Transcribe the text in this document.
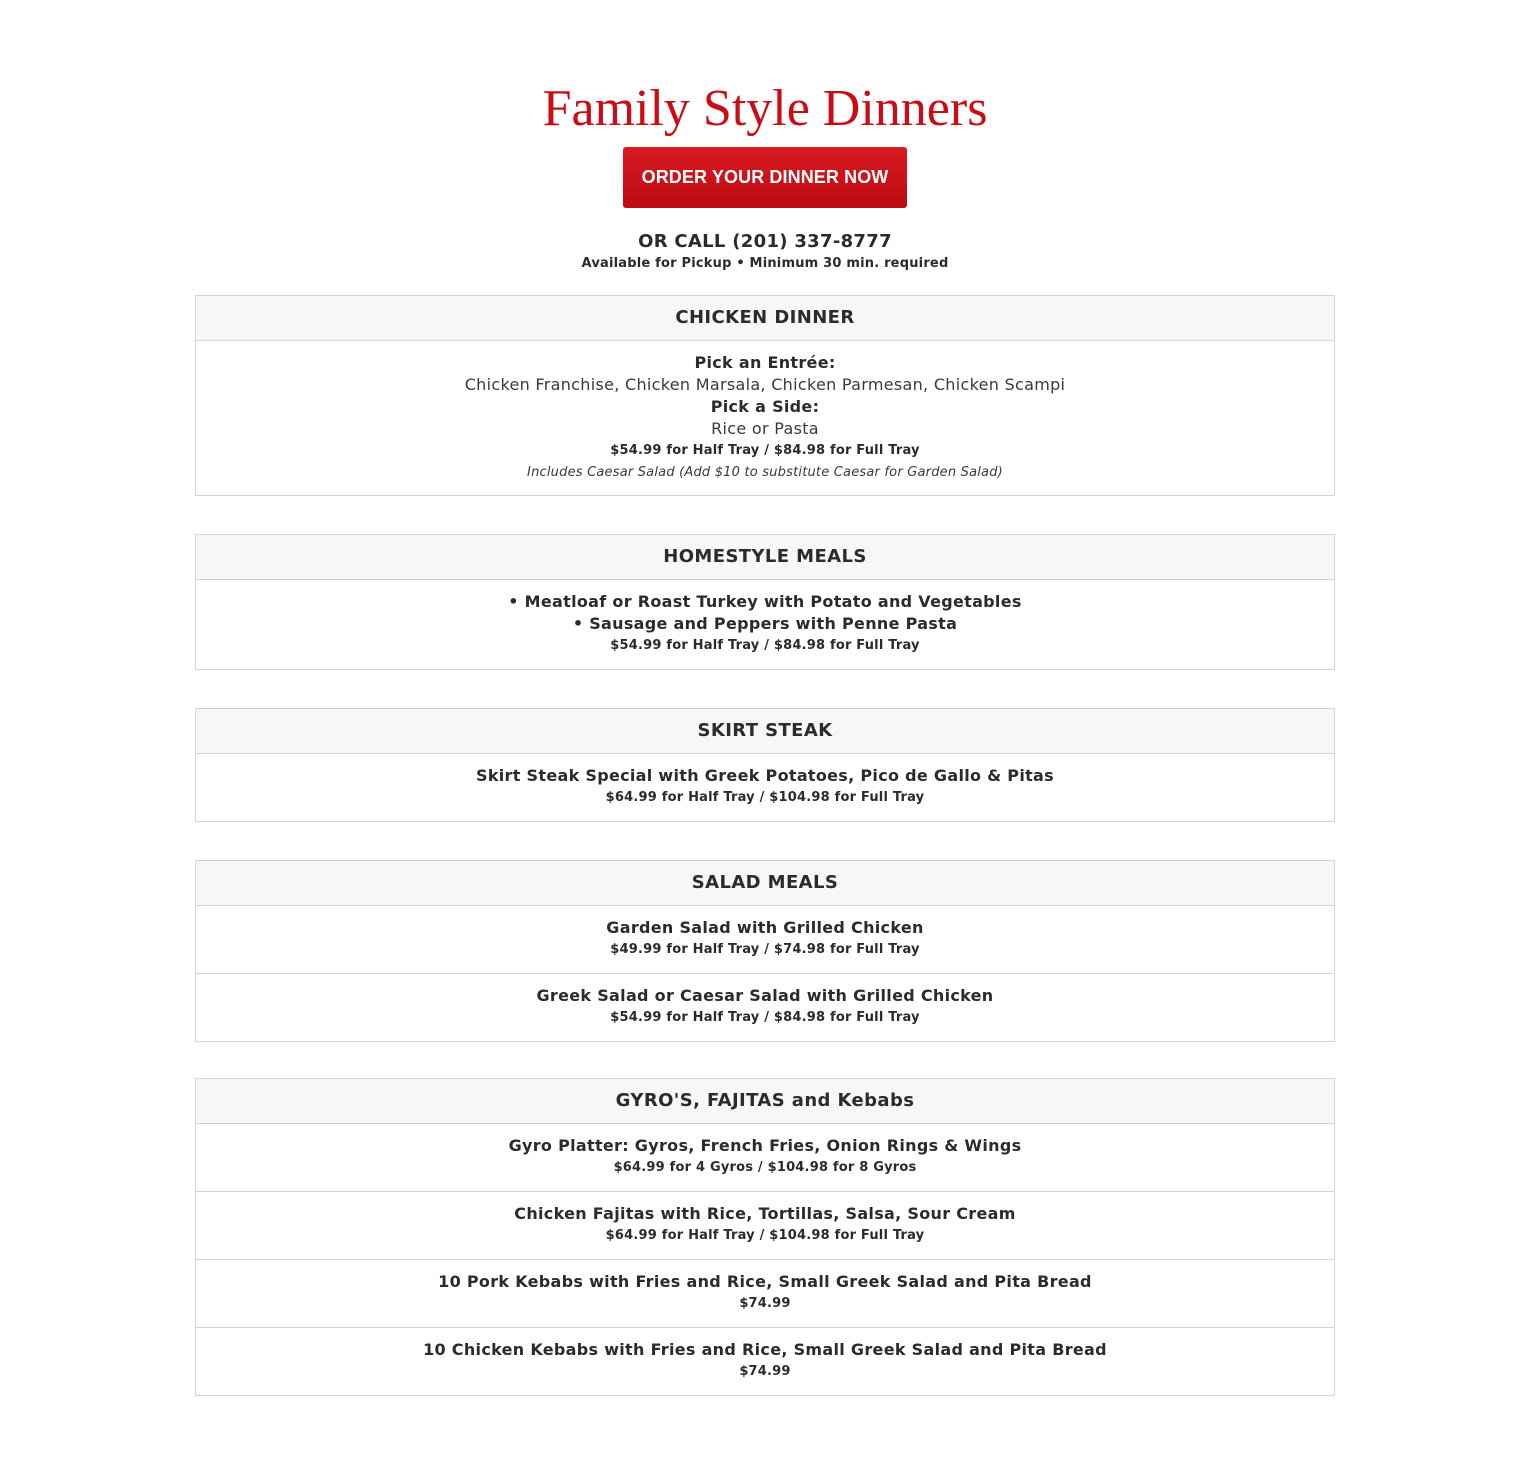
Family Style Dinners
ORDER YOUR DINNER NOW
OR CALL (201) 337-8777
Available for Pickup • Minimum 30 min. required
CHICKEN DINNER
Pick an Entrée:
Chicken Franchise, Chicken Marsala, Chicken Parmesan, Chicken Scampi
Pick a Side:
Rice or Pasta
$54.99 for Half Tray / $84.98 for Full Tray
Includes Caesar Salad (Add $10 to substitute Caesar for Garden Salad)
HOMESTYLE MEALS
• Meatloaf or Roast Turkey with Potato and Vegetables
• Sausage and Peppers with Penne Pasta
$54.99 for Half Tray / $84.98 for Full Tray
SKIRT STEAK
Skirt Steak Special with Greek Potatoes, Pico de Gallo & Pitas
$64.99 for Half Tray / $104.98 for Full Tray
SALAD MEALS
Garden Salad with Grilled Chicken
$49.99 for Half Tray / $74.98 for Full Tray
Greek Salad or Caesar Salad with Grilled Chicken
$54.99 for Half Tray / $84.98 for Full Tray
GYRO'S, FAJITAS and Kebabs
Gyro Platter: Gyros, French Fries, Onion Rings & Wings
$64.99 for 4 Gyros / $104.98 for 8 Gyros
Chicken Fajitas with Rice, Tortillas, Salsa, Sour Cream
$64.99 for Half Tray / $104.98 for Full Tray
10 Pork Kebabs with Fries and Rice, Small Greek Salad and Pita Bread
$74.99
10 Chicken Kebabs with Fries and Rice, Small Greek Salad and Pita Bread
$74.99
